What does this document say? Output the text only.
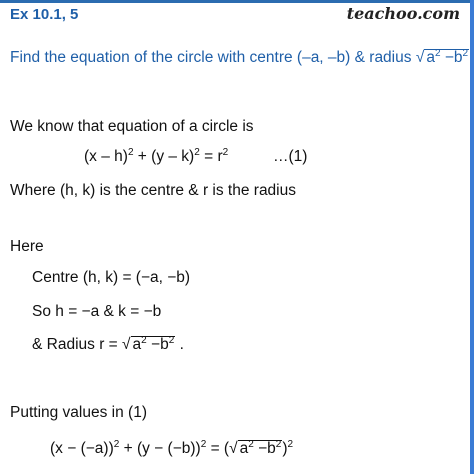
Ex 10.1, 5	teachoo.com
Find the equation of the circle with centre (–a, –b) & radius √ $a^2 -b^2$
We know that equation of a circle is
$(x - h)^2 + (y - k)^2 = r^2$	…(1)
Where (h, k) is the centre & r is the radius
Here
Centre (h, k) = (−a, −b)
So h = −a & k = −b
& Radius r = √ $a^2 -b^2$ .
Putting values in (1)
$(x - (-a))^2 + (y - (-b))^2$ = (√ $a^2 -b^2)^2$
